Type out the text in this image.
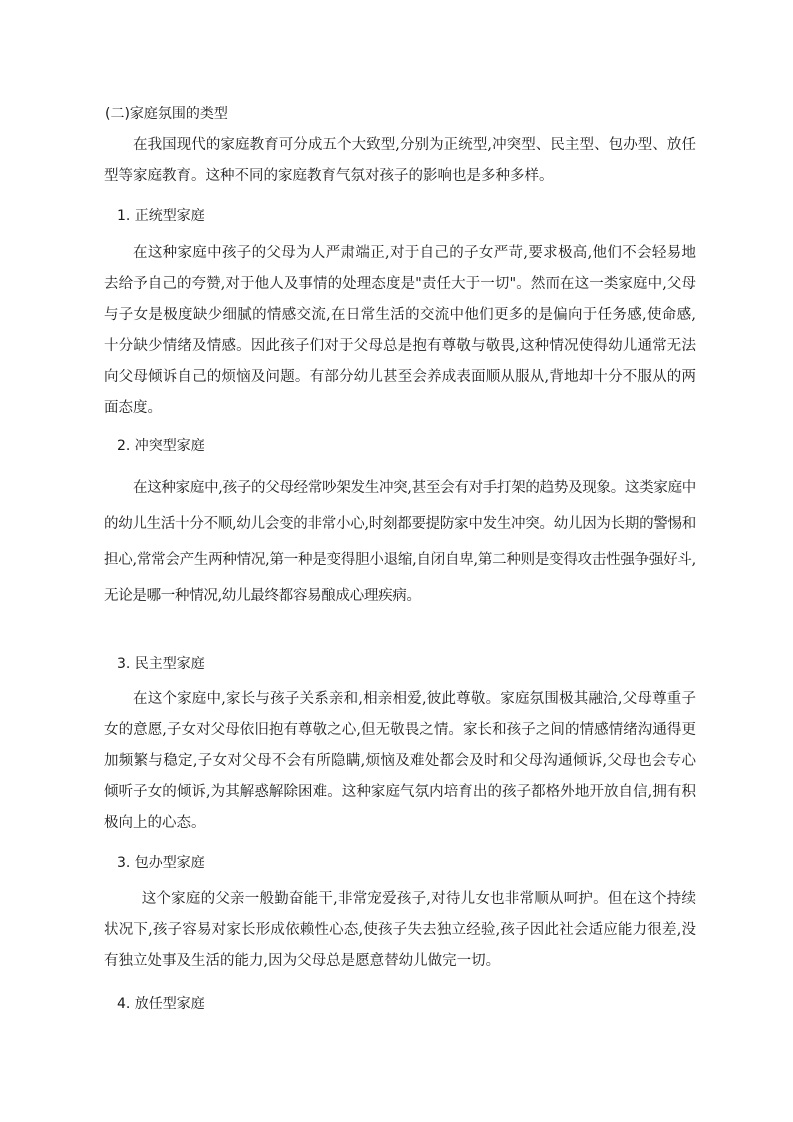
(二)家庭氛围的类型
在我国现代的家庭教育可分成五个大致型,分别为正统型,冲突型、民主型、包办型、放任型等家庭教育。这种不同的家庭教育气氛对孩子的影响也是多种多样。
1. 正统型家庭
在这种家庭中孩子的父母为人严肃端正,对于自己的子女严苛,要求极高,他们不会轻易地去给予自己的夸赞,对于他人及事情的处理态度是"责任大于一切"。然而在这一类家庭中,父母与子女是极度缺少细腻的情感交流,在日常生活的交流中他们更多的是偏向于任务感,使命感,十分缺少情绪及情感。因此孩子们对于父母总是抱有尊敬与敬畏,这种情况使得幼儿通常无法向父母倾诉自己的烦恼及问题。有部分幼儿甚至会养成表面顺从服从,背地却十分不服从的两面态度。
2. 冲突型家庭
在这种家庭中,孩子的父母经常吵架发生冲突,甚至会有对手打架的趋势及现象。这类家庭中的幼儿生活十分不顺,幼儿会变的非常小心,时刻都要提防家中发生冲突。幼儿因为长期的警惕和担心,常常会产生两种情况,第一种是变得胆小退缩,自闭自卑,第二种则是变得攻击性强争强好斗,无论是哪一种情况,幼儿最终都容易酿成心理疾病。
3. 民主型家庭
在这个家庭中,家长与孩子关系亲和,相亲相爱,彼此尊敬。家庭氛围极其融洽,父母尊重子女的意愿,子女对父母依旧抱有尊敬之心,但无敬畏之情。家长和孩子之间的情感情绪沟通得更加频繁与稳定,子女对父母不会有所隐瞒,烦恼及难处都会及时和父母沟通倾诉,父母也会专心倾听子女的倾诉,为其解惑解除困难。这种家庭气氛内培育出的孩子都格外地开放自信,拥有积极向上的心态。
3. 包办型家庭
这个家庭的父亲一般勤奋能干,非常宠爱孩子,对待儿女也非常顺从呵护。但在这个持续状况下,孩子容易对家长形成依赖性心态,使孩子失去独立经验,孩子因此社会适应能力很差,没有独立处事及生活的能力,因为父母总是愿意替幼儿做完一切。
4. 放任型家庭
